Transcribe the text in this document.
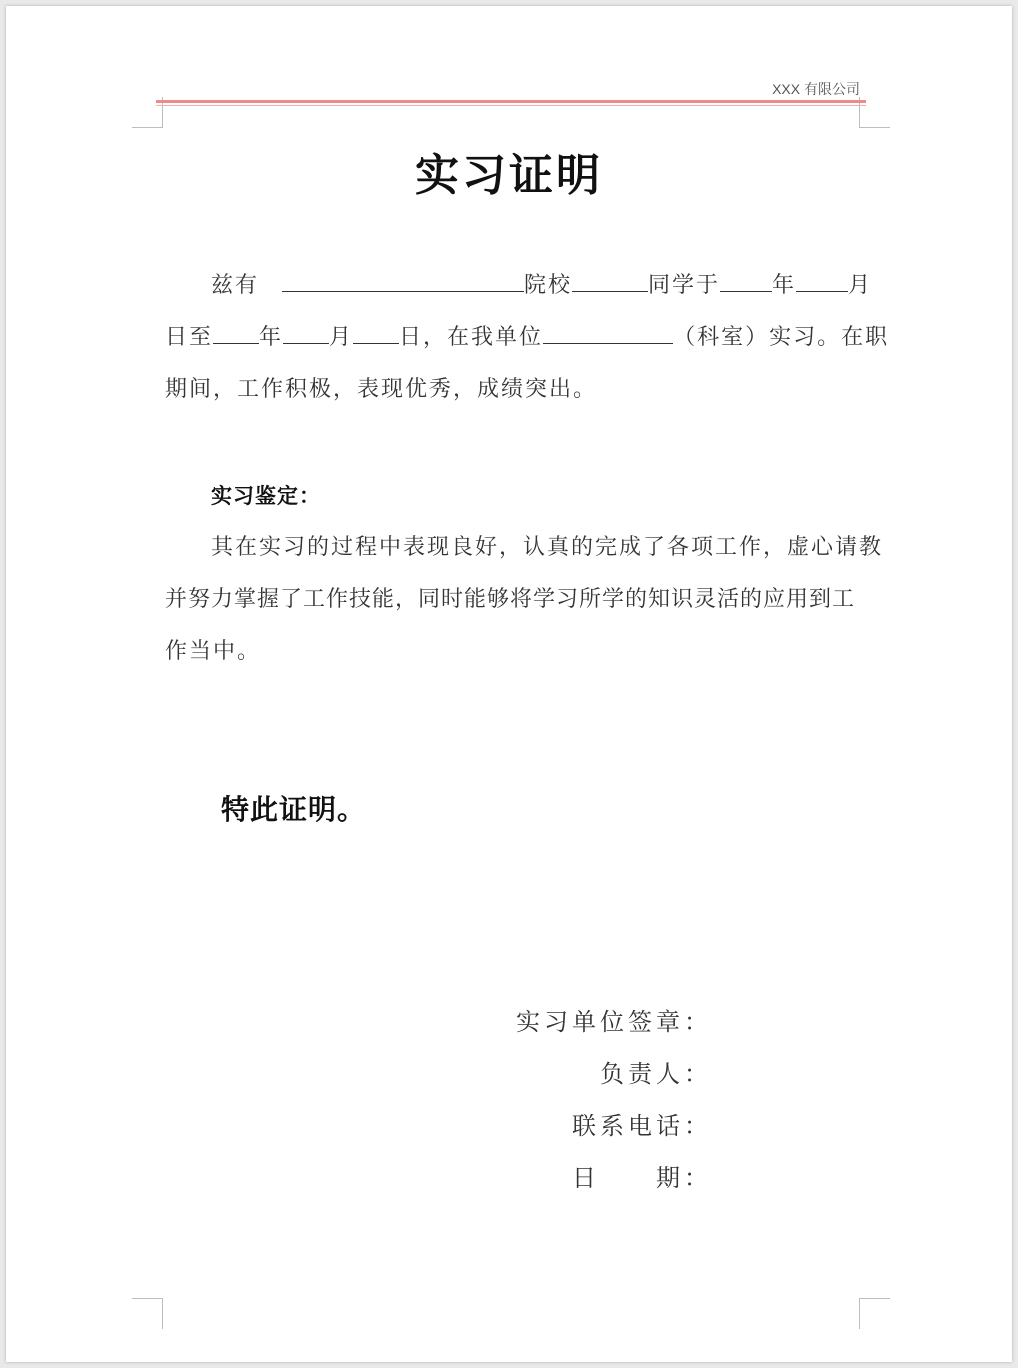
XXX 有限公司
实习证明
兹有	院校	同学于 年 月
日至 年 月 日，在我单位	（科室）实习。在职
期间，工作积极，表现优秀，成绩突出。
实习鉴定：
其在实习的过程中表现良好，认真的完成了各项工作，虚心请教
并努力掌握了工作技能，同时能够将学习所学的知识灵活的应用到工
作当中。
特此证明。
实习单位签章：
负责人：
联系电话：
日　　期：
